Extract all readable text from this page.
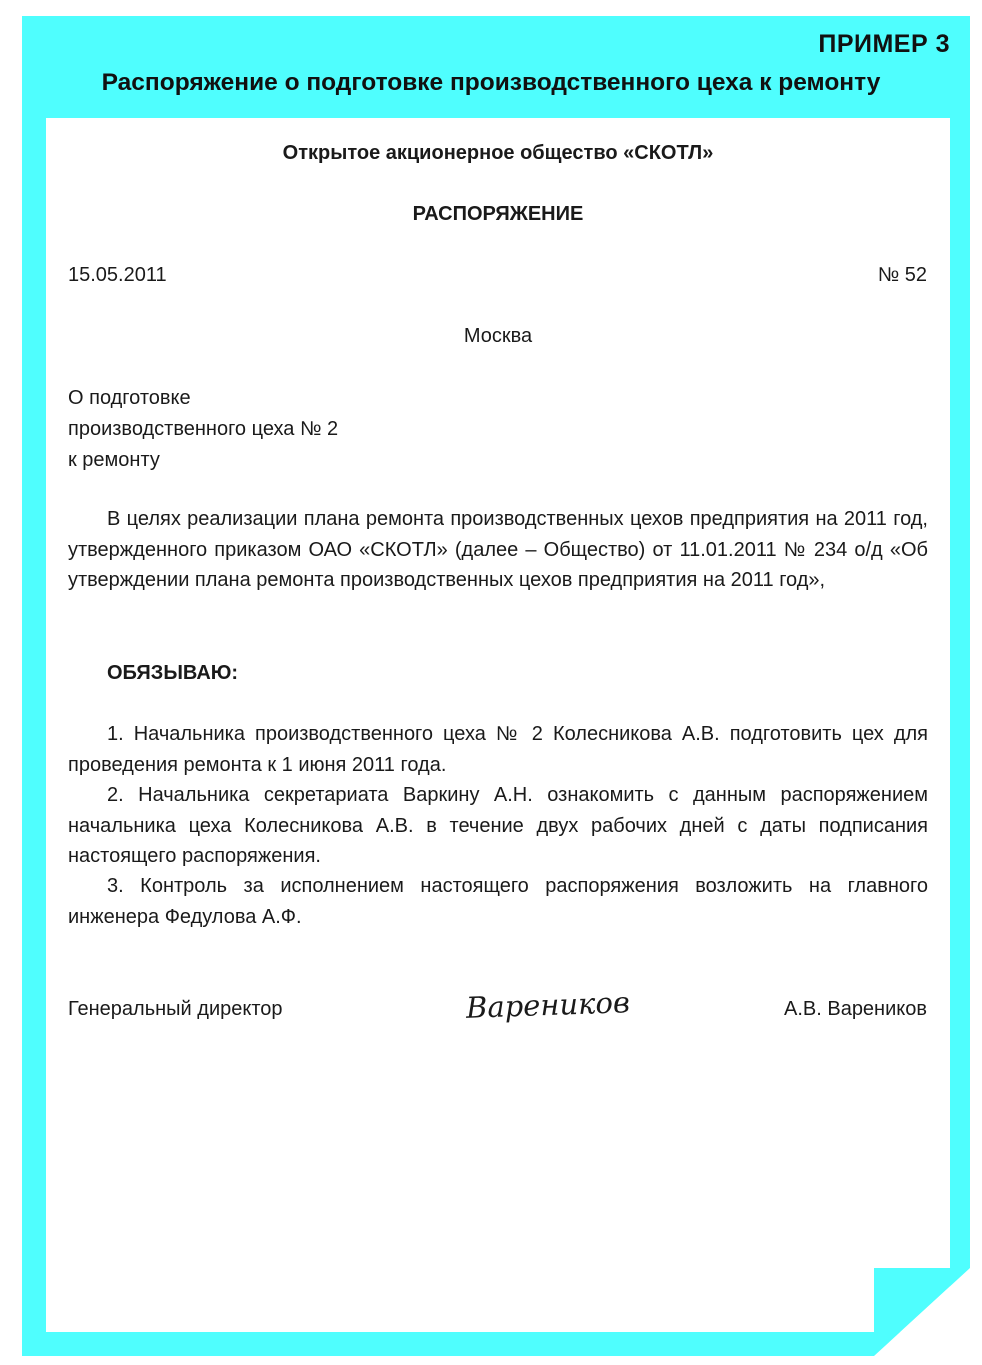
ПРИМЕР 3
Распоряжение о подготовке производственного цеха к ремонту
Открытое акционерное общество «СКОТЛ»
РАСПОРЯЖЕНИЕ
15.05.2011	№ 52
Москва
О подготовке
производственного цеха № 2
к ремонту
В целях реализации плана ремонта производственных цехов предприятия на 2011 год, утвержденного приказом ОАО «СКОТЛ» (далее – Общество) от 11.01.2011 № 234 о/д «Об утверждении плана ремонта производственных цехов предприятия на 2011 год»,
ОБЯЗЫВАЮ:
1. Начальника производственного цеха № 2 Колесникова А.В. подготовить цех для проведения ремонта к 1 июня 2011 года.
2. Начальника секретариата Варкину А.Н. ознакомить с данным распоряжением начальника цеха Колесникова А.В. в течение двух рабочих дней с даты подписания настоящего распоряжения.
3. Контроль за исполнением настоящего распоряжения возложить на главного инженера Федулова А.Ф.
Генеральный директор	Вареников	А.В. Вареников
